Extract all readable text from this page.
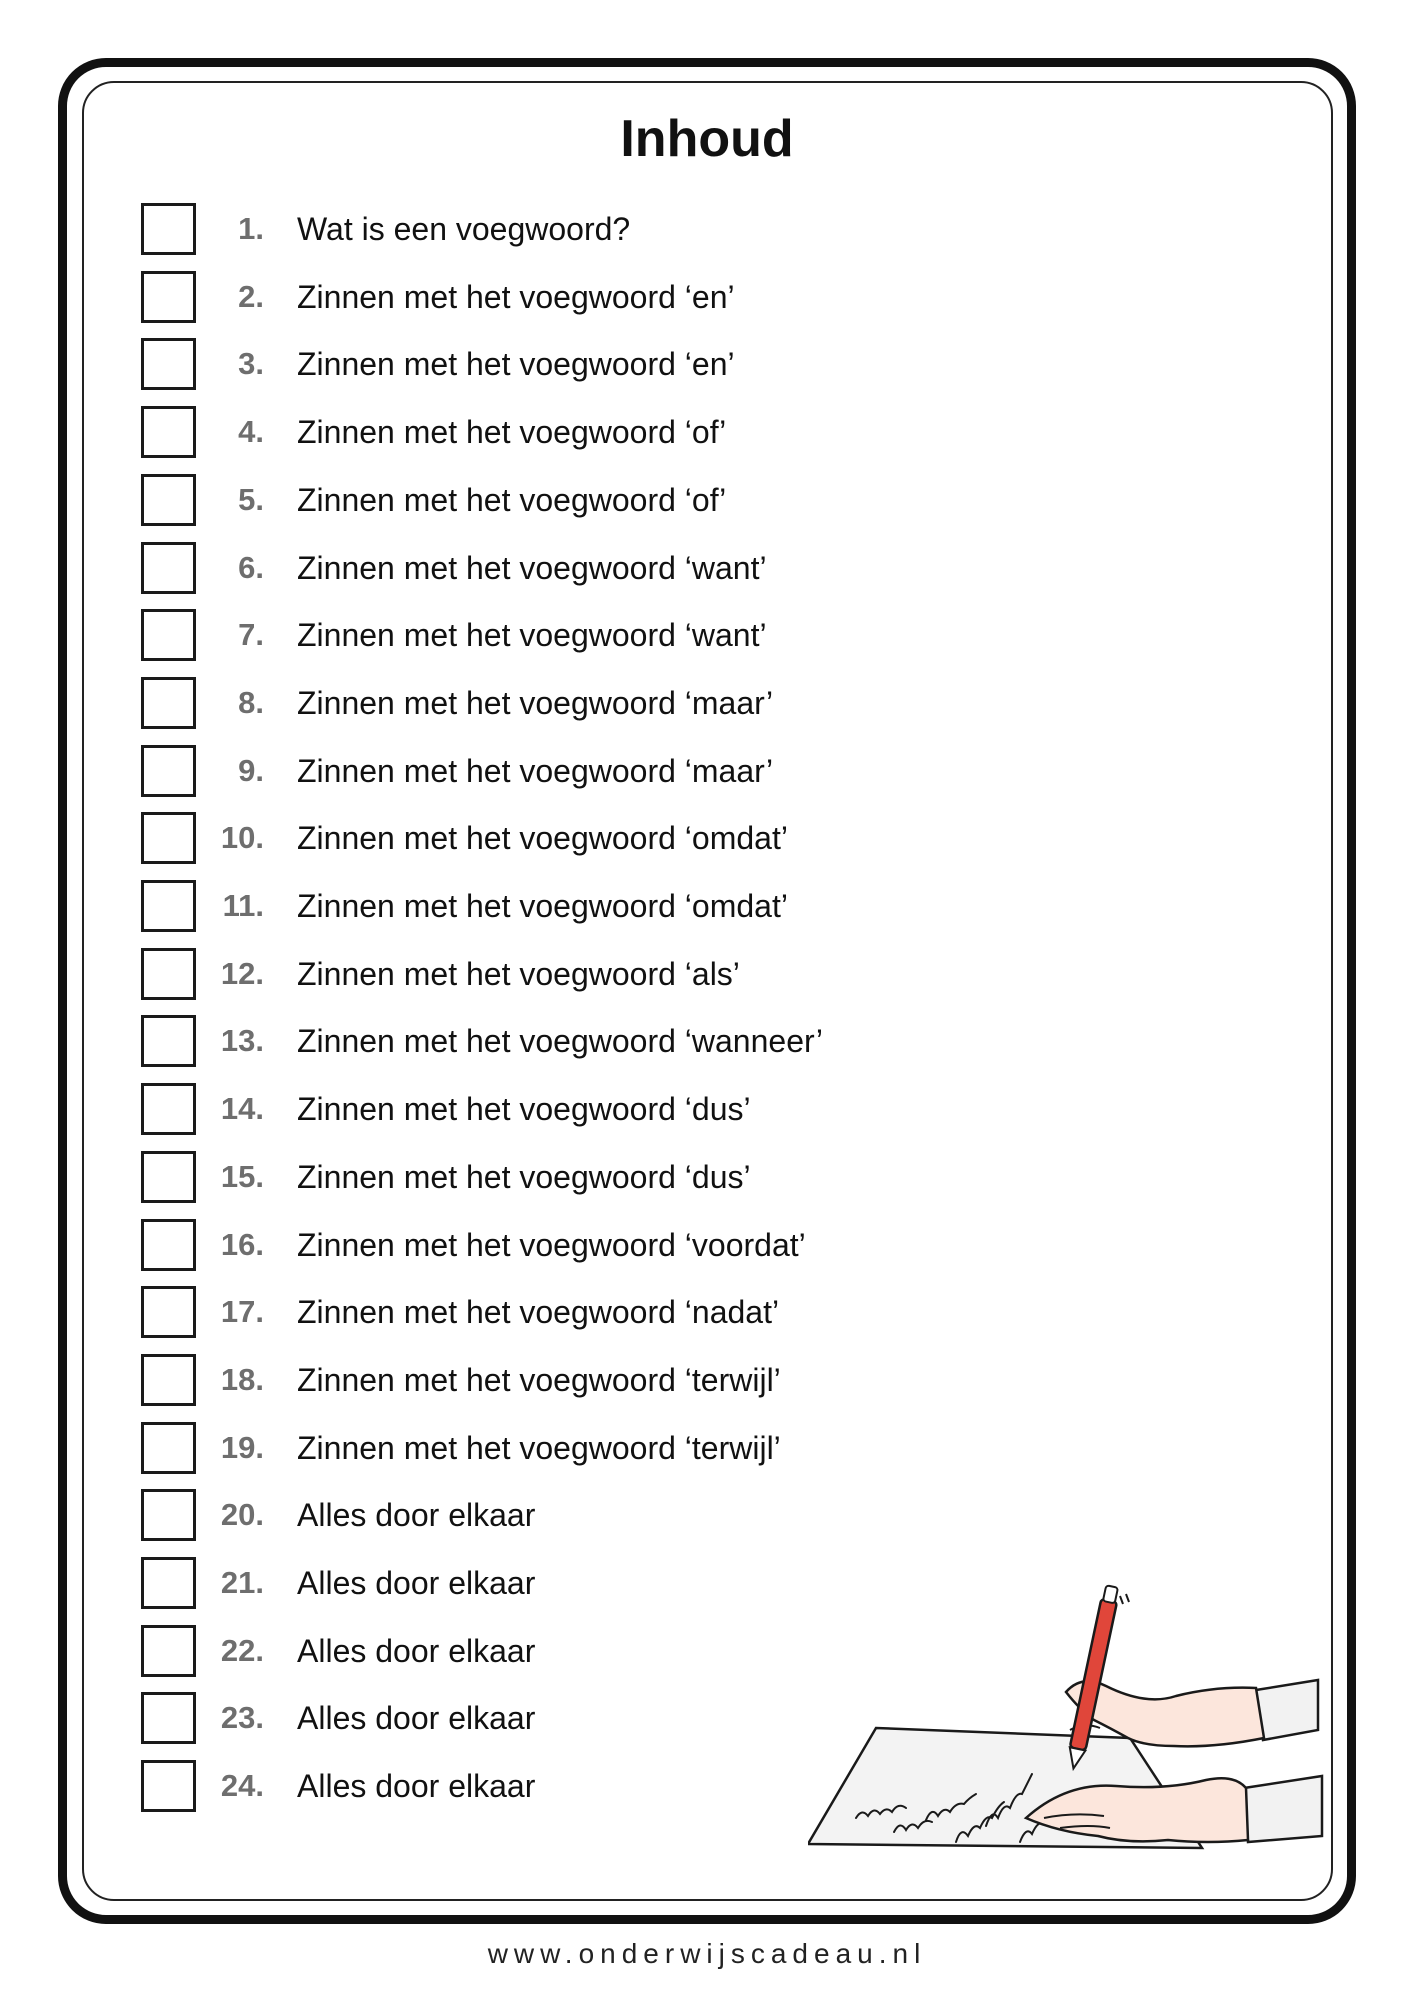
Inhoud
1. Wat is een voegwoord?
2. Zinnen met het voegwoord ‘en’
3. Zinnen met het voegwoord ‘en’
4. Zinnen met het voegwoord ‘of’
5. Zinnen met het voegwoord ‘of’
6. Zinnen met het voegwoord ‘want’
7. Zinnen met het voegwoord ‘want’
8. Zinnen met het voegwoord ‘maar’
9. Zinnen met het voegwoord ‘maar’
10. Zinnen met het voegwoord ‘omdat’
11. Zinnen met het voegwoord ‘omdat’
12. Zinnen met het voegwoord ‘als’
13. Zinnen met het voegwoord ‘wanneer’
14. Zinnen met het voegwoord ‘dus’
15. Zinnen met het voegwoord ‘dus’
16. Zinnen met het voegwoord ‘voordat’
17. Zinnen met het voegwoord ‘nadat’
18. Zinnen met het voegwoord ‘terwijl’
19. Zinnen met het voegwoord ‘terwijl’
20. Alles door elkaar
21. Alles door elkaar
22. Alles door elkaar
23. Alles door elkaar
24. Alles door elkaar
www.onderwijscadeau.nl
